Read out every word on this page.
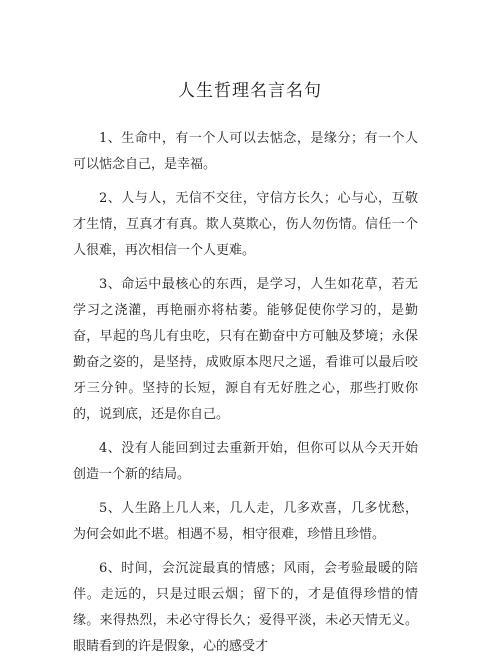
人生哲理名言名句

1、生命中，有一个人可以去惦念，是缘分；有一个人可以惦念自己，是幸福。

2、人与人，无信不交往，守信方长久；心与心，互敬才生情，互真才有真。欺人莫欺心，伤人勿伤情。信任一个人很难，再次相信一个人更难。

3、命运中最核心的东西，是学习，人生如花草，若无学习之浇灌，再艳丽亦将枯萎。能够促使你学习的，是勤奋，早起的鸟儿有虫吃，只有在勤奋中方可触及梦境；永保勤奋之姿的，是坚持，成败原本咫尺之遥，看谁可以最后咬牙三分钟。坚持的长短，源自有无好胜之心，那些打败你的，说到底，还是你自己。

4、没有人能回到过去重新开始，但你可以从今天开始创造一个新的结局。

5、人生路上几人来，几人走，几多欢喜，几多忧愁，为何会如此不堪。相遇不易，相守很难，珍惜且珍惜。

6、时间，会沉淀最真的情感；风雨，会考验最暖的陪伴。走远的，只是过眼云烟；留下的，才是值得珍惜的情缘。来得热烈，未必守得长久；爱得平淡，未必天情无义。眼睛看到的许是假象，心的感受才
